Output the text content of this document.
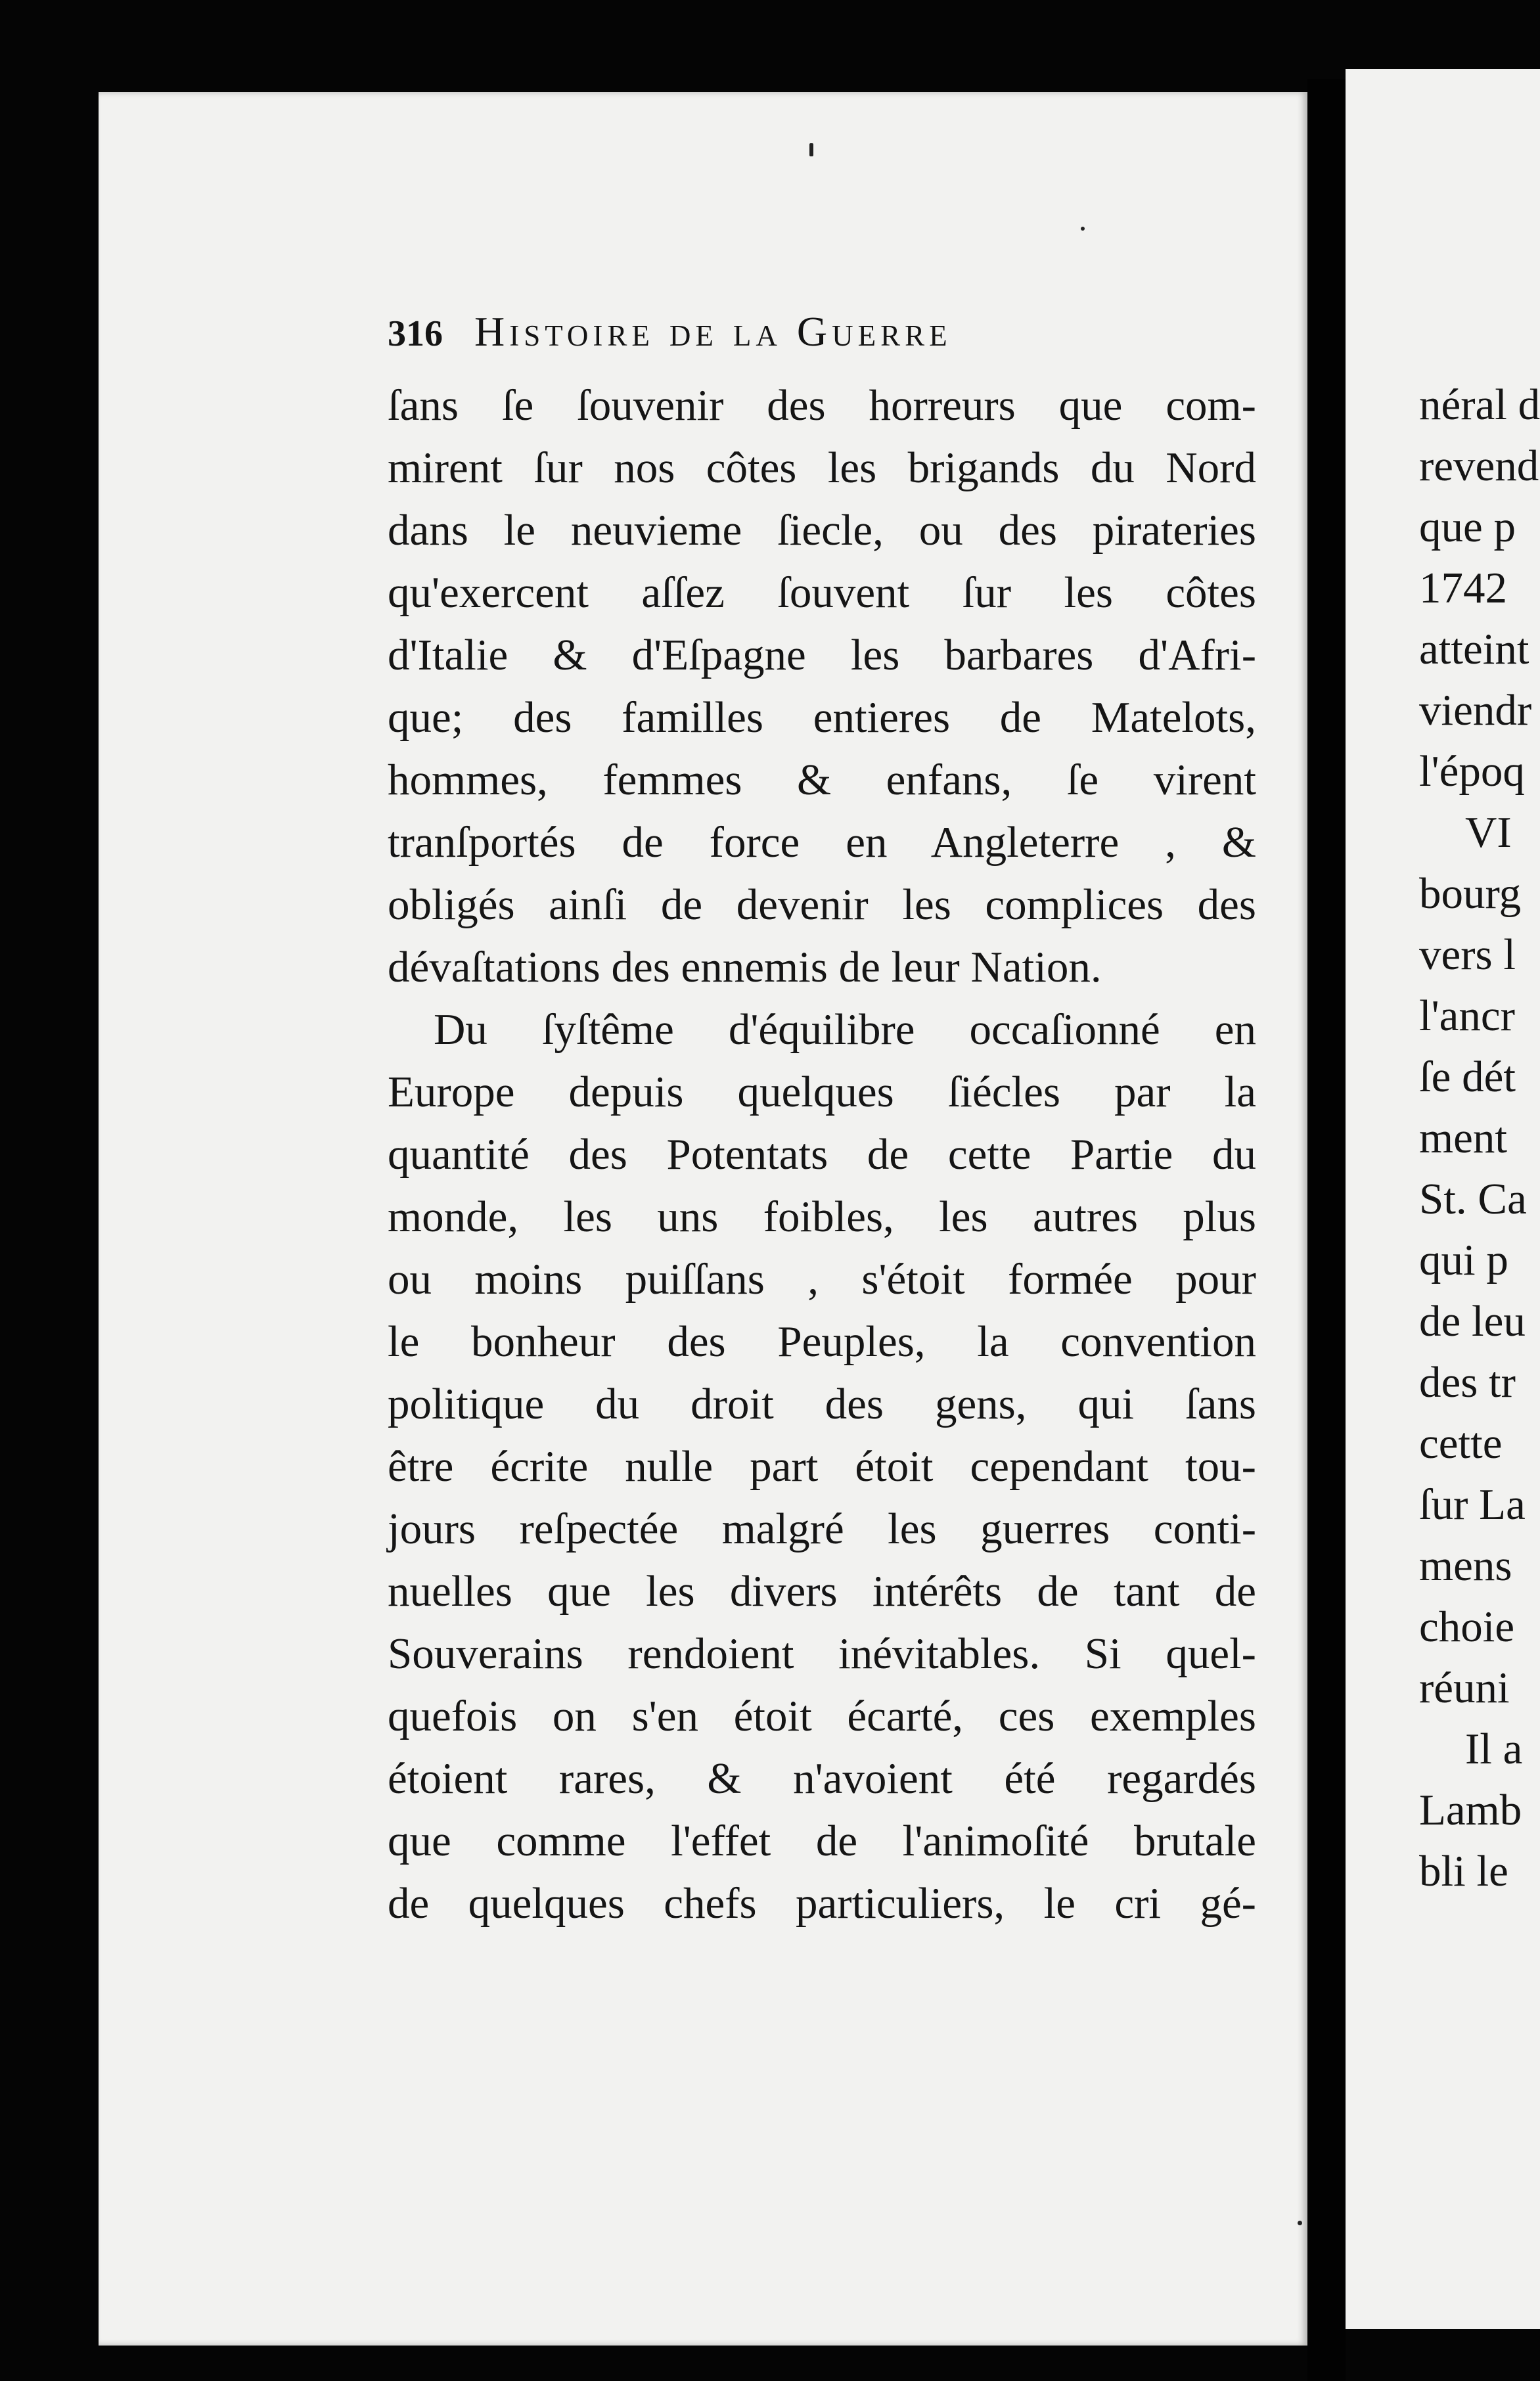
316 Histoire de la Guerre
ſans ſe ſouvenir des horreurs que com-
mirent ſur nos côtes les brigands du Nord
dans le neuvieme ſiecle, ou des pirateries
qu'exercent aſſez ſouvent ſur les côtes
d'Italie & d'Eſpagne les barbares d'Afri-
que; des familles entieres de Matelots,
hommes, femmes & enfans, ſe virent
tranſportés de force en Angleterre , &
obligés ainſi de devenir les complices des
dévaſtations des ennemis de leur Nation.
Du ſyſtême d'équilibre occaſionné en
Europe depuis quelques ſiécles par la
quantité des Potentats de cette Partie du
monde, les uns foibles, les autres plus
ou moins puiſſans , s'étoit formée pour
le bonheur des Peuples, la convention
politique du droit des gens, qui ſans
être écrite nulle part étoit cependant tou-
jours reſpectée malgré les guerres conti-
nuelles que les divers intérêts de tant de
Souverains rendoient inévitables. Si quel-
quefois on s'en étoit écarté, ces exemples
étoient rares, & n'avoient été regardés
que comme l'effet de l'animoſité brutale
de quelques chefs particuliers, le cri gé-
néral d
revend
que p
1742
atteint
viendr
l'époq
VI
bourg
vers l
l'ancr
ſe dét
ment
St. Ca
qui p
de leu
des tr
cette
ſur La
mens
choie
réuni
Il a
Lamb
bli le
